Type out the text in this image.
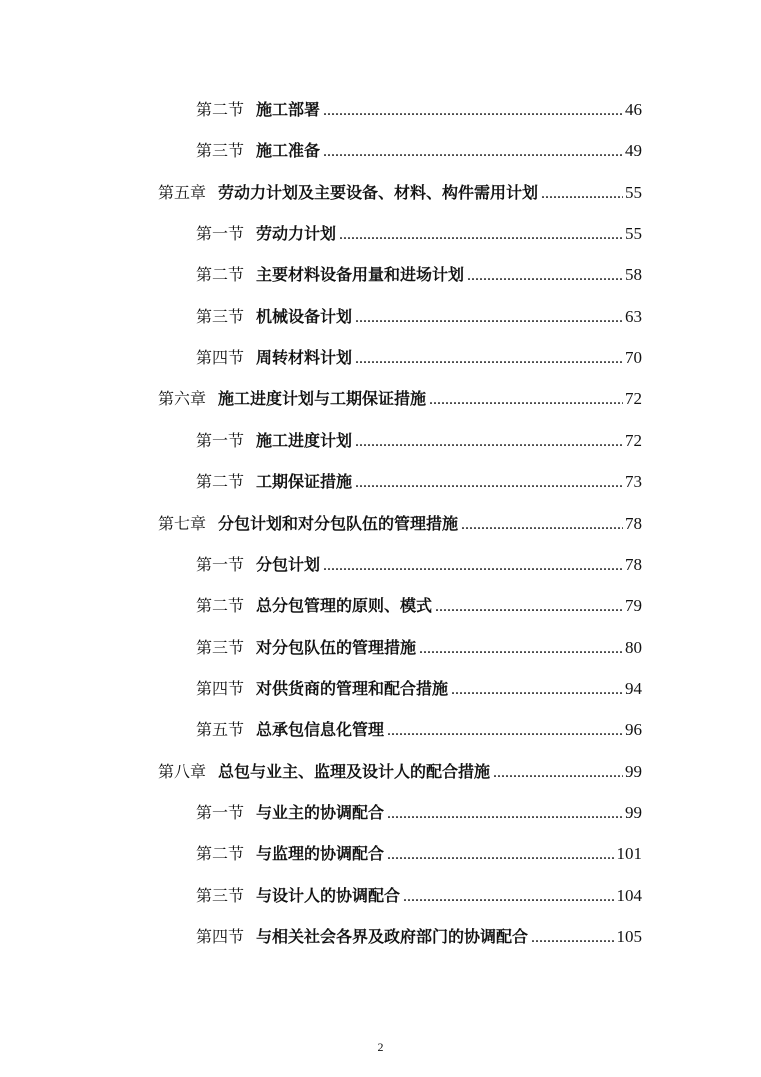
第二节 施工部署 .....	46
第三节 施工准备 .....	49
第五章 劳动力计划及主要设备、材料、构件需用计划 .....	55
第一节 劳动力计划 .....	55
第二节 主要材料设备用量和进场计划 .....	58
第三节 机械设备计划 .....	63
第四节 周转材料计划 .....	70
第六章 施工进度计划与工期保证措施 .....	72
第一节 施工进度计划 .....	72
第二节 工期保证措施 .....	73
第七章 分包计划和对分包队伍的管理措施 .....	78
第一节 分包计划 .....	78
第二节 总分包管理的原则、模式 .....	79
第三节 对分包队伍的管理措施 .....	80
第四节 对供货商的管理和配合措施 .....	94
第五节 总承包信息化管理 .....	96
第八章 总包与业主、监理及设计人的配合措施 .....	99
第一节 与业主的协调配合 .....	99
第二节 与监理的协调配合 .....	101
第三节 与设计人的协调配合 .....	104
第四节 与相关社会各界及政府部门的协调配合 .....	105
2
